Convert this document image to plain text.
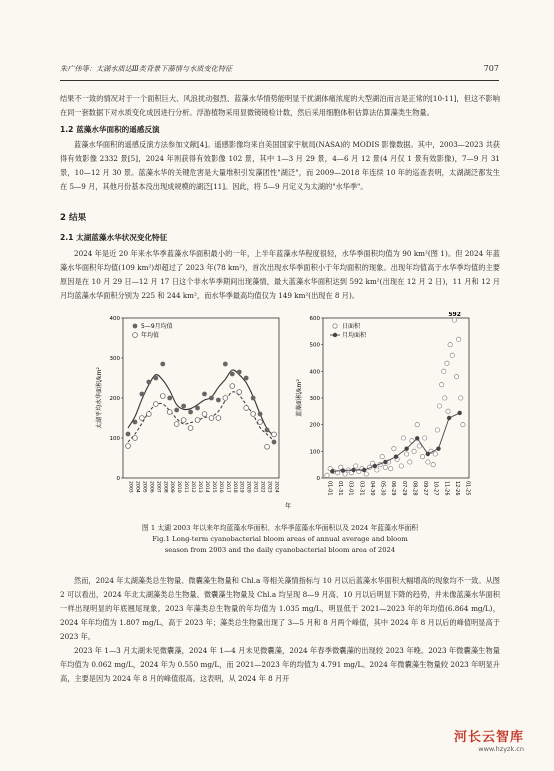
朱广伟等：太湖水质达Ⅲ类背景下藻情与水质变化特征	707

结果不一致的情况对于一个面积巨大、风浪扰动强烈、蓝藻水华情势能明显干扰湖体痛浓度的大型湖泊而言是正常的[10-11]，但这不影响在同一套数据下对水质变化成因进行分析。浮游植物采用显微镜镜检计数，然后采用细胞体积估算法估算藻类生物量。

1.2 蓝藻水华面积的遥感反演

蓝藻水华面积的遥感反演方法参加文献[4]。遥感影像均来自美国国家宇航局(NASA)的 MODIS 影像数据。其中，2003—2023 共获得有效影像 2332 景[5]，2024 年则获得有效影像 102 景，其中 1—3 月 29 景，4—6 月 12 景(4 月仅 1 景有效影像)，7—9 月 31 景，10—12 月 30 景。蓝藻水华的关键危害是大量堆积引发藻团性"湖泛"，而 2009—2018 年连续 10 年的巡查表明，太湖湖泛都发生在 5—9 月，其他月份基本没出现成规模的湖泛[11]。因此，将 5—9 月定义为太湖的"水华季"。

2 结果
2.1 太湖蓝藻水华状况变化特征

2024 年是近 20 年来水华季蓝藻水华面积最小的一年，上半年蓝藻水华程度很轻，水华季面积均值为 90 km²(图 1)。但 2024 年蓝藻水华面积年均值(109 km²)却超过了 2023 年(78 km²)，首次出现水华季面积小于年均面积的现象。出现年均值高于水华季均值的主要原因是在 10 月 29 日—12 月 17 日这个非水华季期间出现藻情，最大蓝藻水华面积达到 592 km²(出现在 12 月 2 日)，11 月和 12 月月均蓝藻水华面积分别为 225 和 244 km²，而水华季最高均值仅为 149 km²(出现在 8 月)。

0
100
200
300
400
2003 2004 2005 2006 2007 2008 2009 2010 2011 2012 2013 2014 2015 2016 2017 2018 2019 2020 2021 2022 2023 2024
太湖平均水华面积/km²
年
5—9月均值
年均值
0
100
200
300
400
500
600
01-01 01-31 03-01 03-31 04-30 05-30 06-29 07-29 08-28 09-27 10-27 11-26 12-26 01-25
蓝藻面积/km²
592
日面积
月均面积

图 1 太湖 2003 年以来年均蓝藻水华面积、水华季蓝藻水华面积以及 2024 年蓝藻水华面积

Fig.1 Long-term cyanobacterial bloom areas of annual average and bloom

season from 2003 and the daily cyanobacterial bloom area of 2024

然而，2024 年太湖藻类总生物量、微囊藻生物量和 Chl.a 等相关藻情指标与 10 月以后蓝藻水华面积大幅增高的现象均不一致。从图 2 可以看出，2024 年北太湖藻类总生物量、微囊藻生物量及 Chl.a 均呈现 8—9 月高、10 月以后明显下降的趋势，并未像蓝藻水华面积一样出现明显的年底翘尾现象。2023 年藻类总生物量的年均值为 1.035 mg/L，明显低于 2021—2023 年的年均值(6.864 mg/L)，2024 年年均值为 1.807 mg/L，高于 2023 年；藻类总生物量出现了 3—5 月和 8 月两个峰值，其中 2024 年 8 月以后的峰值明显高于 2023 年。

2023 年 1—3 月太湖未见微囊藻，2024 年 1—4 月未见微囊藻，2024 年春季微囊藻的出现较 2023 年晚。2023 年微囊藻生物量年均值为 0.062 mg/L，2024 年为 0.550 mg/L，而 2021—2023 年的均值为 4.791 mg/L。2024 年微囊藻生物量较 2023 年明显升高，主要是因为 2024 年 8 月的峰值很高。这表明，从 2024 年 8 月开

河长云智库
www.hzyzk.cn
